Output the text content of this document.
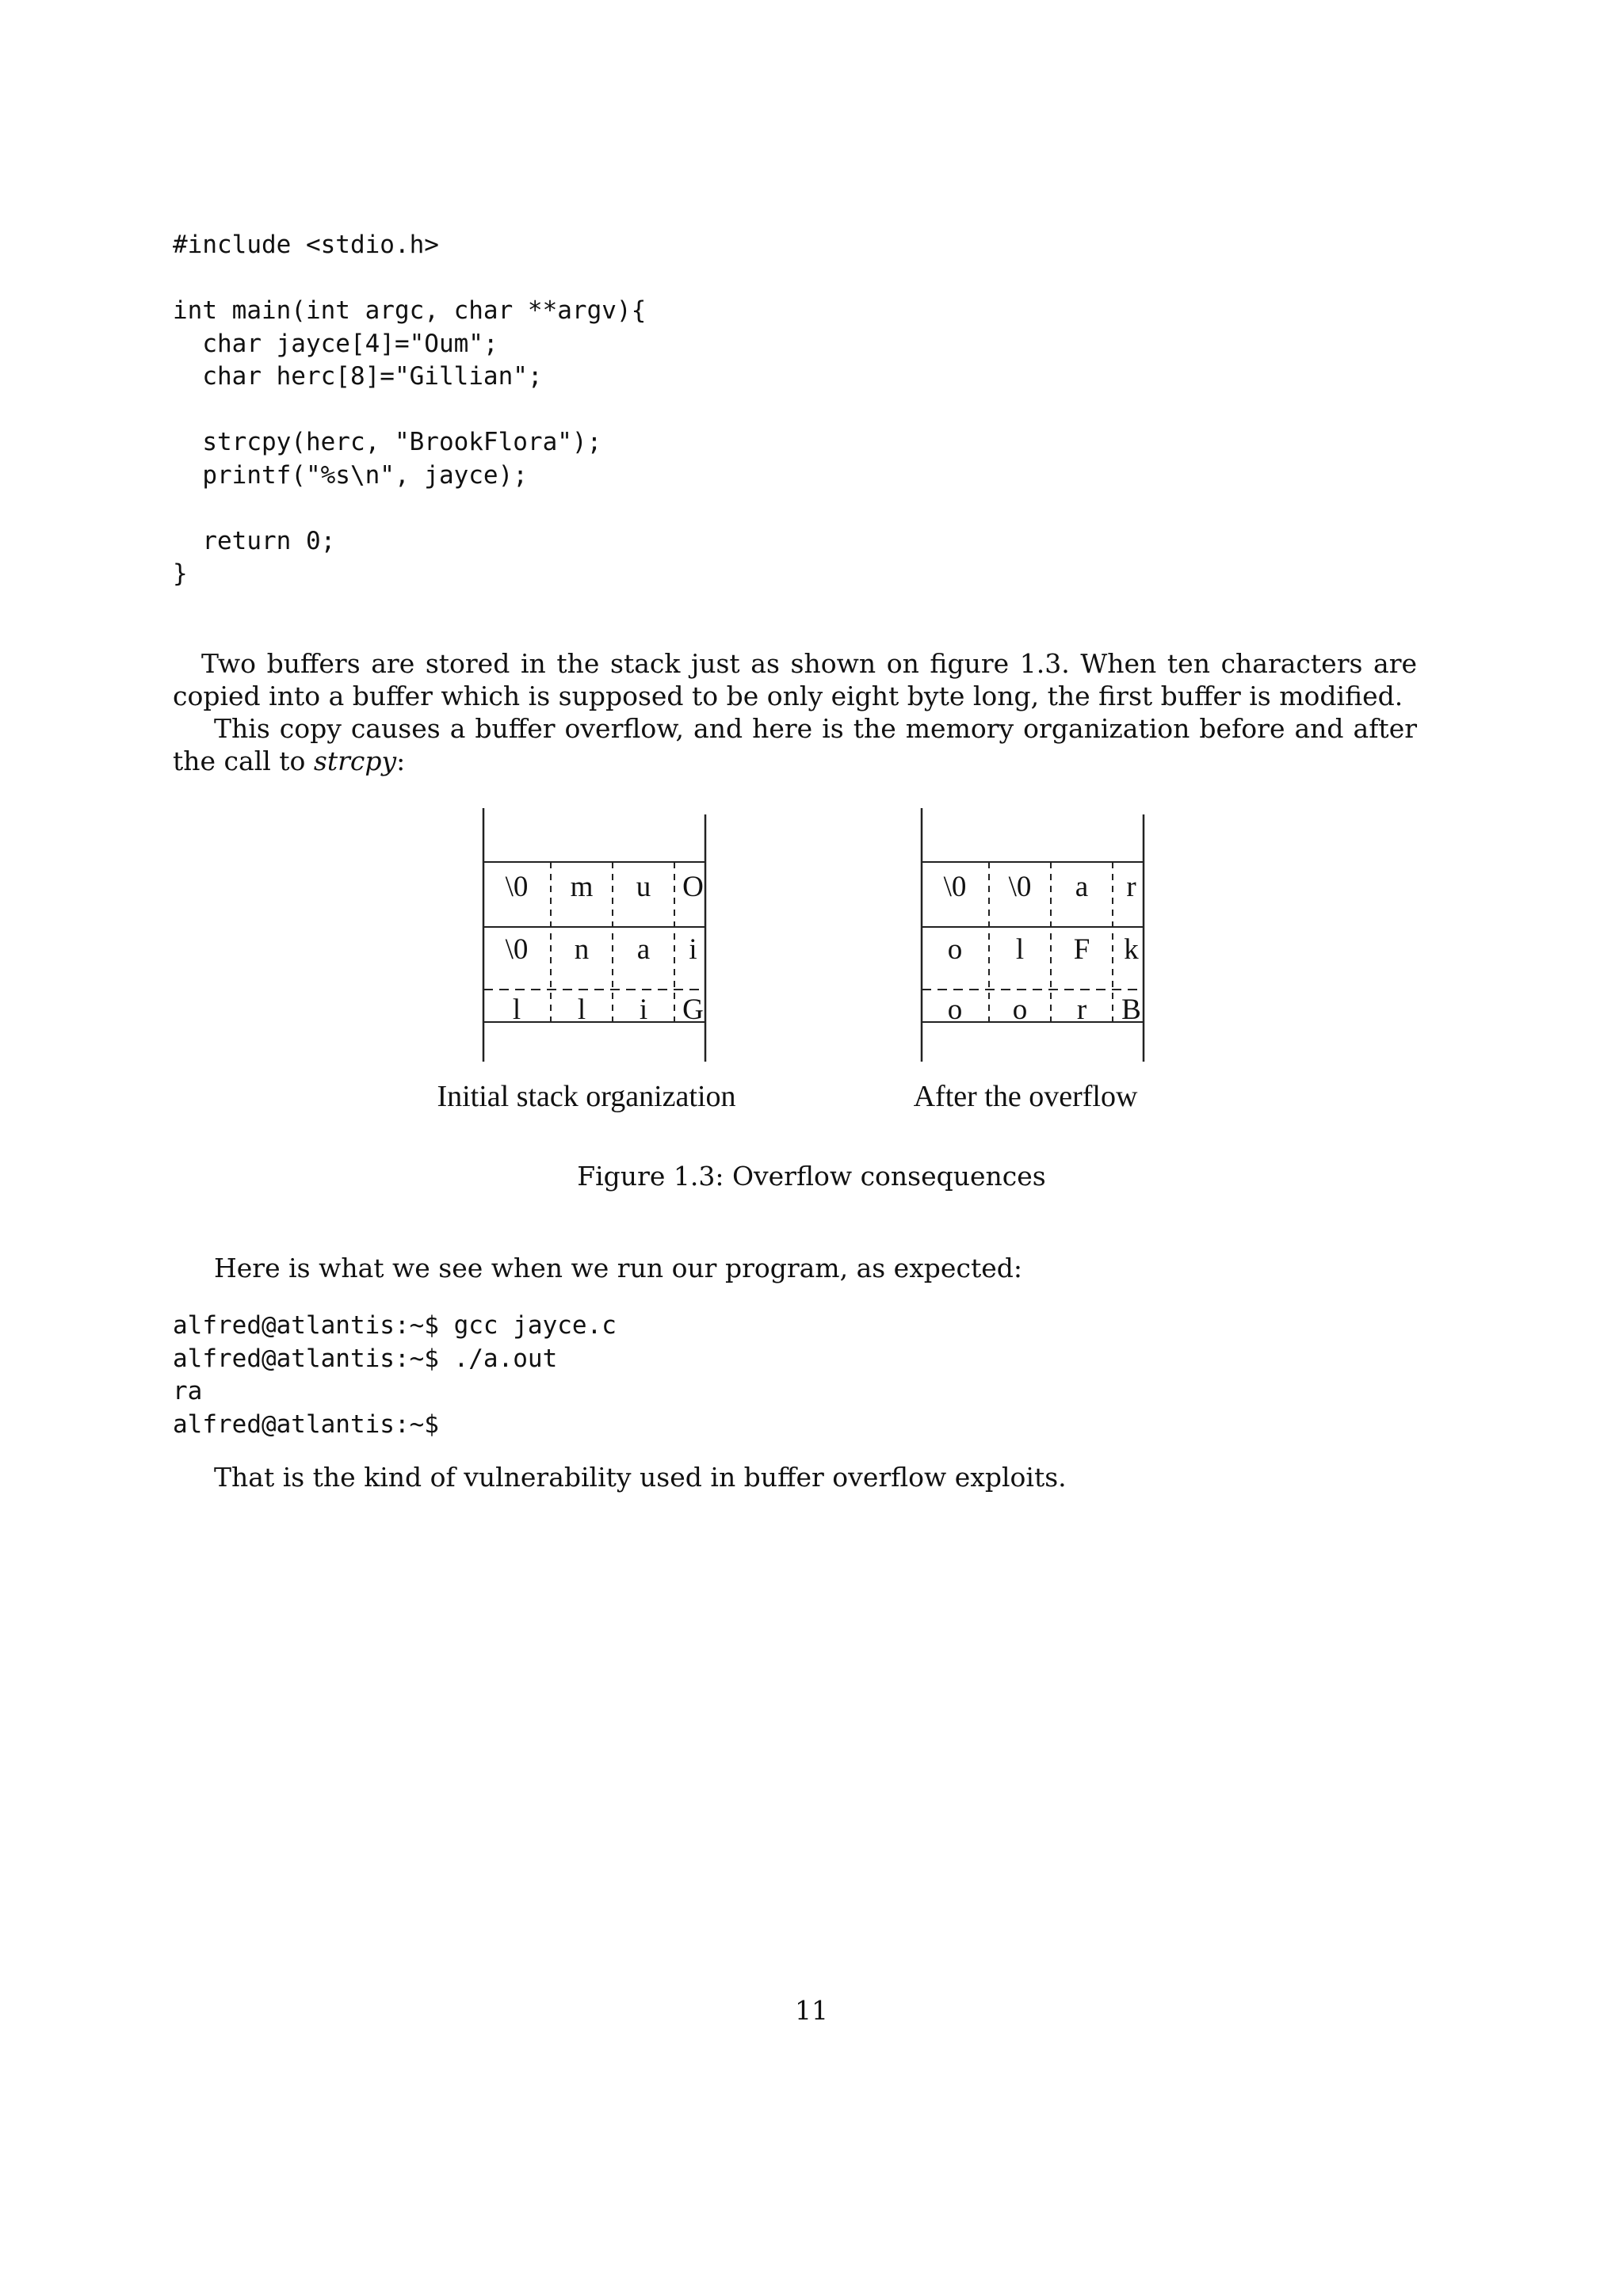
#include <stdio.h>

int main(int argc, char **argv){
char jayce[4]="Oum";
char herc[8]="Gillian";

strcpy(herc, "BrookFlora");
printf("%s\n", jayce);

return 0;
}

Two buffers are stored in the stack just as shown on figure 1.3. When ten characters are copied into a buffer which is supposed to be only eight byte long, the first buffer is modified.

This copy causes a buffer overflow, and here is the memory organization before and after the call to strcpy:

\0 m u O
\0 n a i
l l i G
Initial stack organization
\0 \0 a r
o l F k
o o r B
After the overflow
Figure 1.3: Overflow consequences

Here is what we see when we run our program, as expected:

alfred@atlantis:~$ gcc jayce.c
alfred@atlantis:~$ ./a.out
ra
alfred@atlantis:~$

That is the kind of vulnerability used in buffer overflow exploits.

11
